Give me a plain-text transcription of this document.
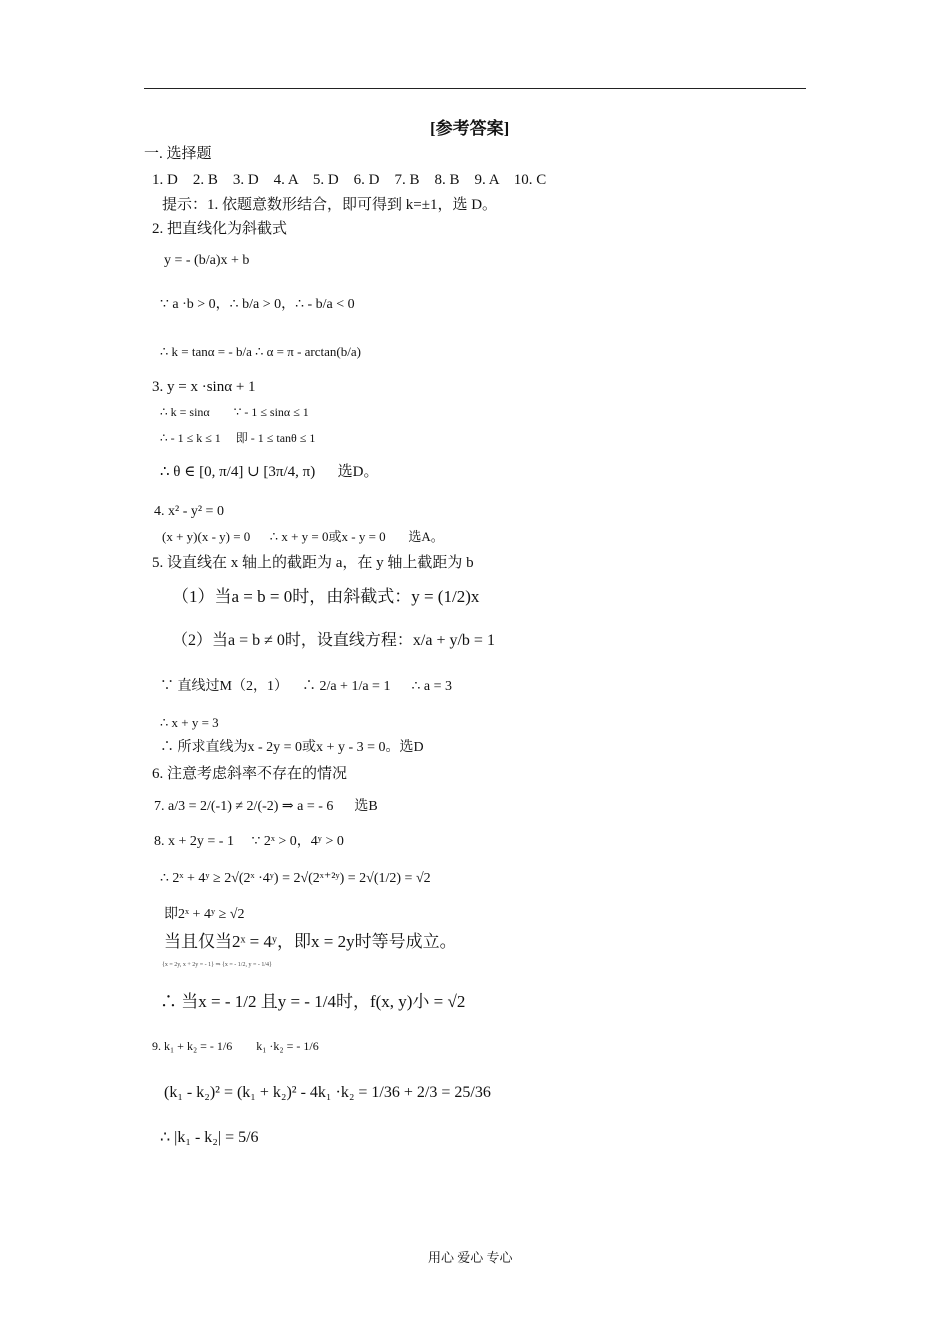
[参考答案]
一. 选择题
1. D    2. B    3. D    4. A    5. D    6. D    7. B    8. B    9. A    10. C
提示：1. 依题意数形结合，即可得到 k=±1，选 D。
2. 把直线化为斜截式
y = - (b/a)x + b
∵ a ·b > 0，∴ b/a > 0，∴ - b/a < 0
∴ k = tanα = - b/a ∴ α = π - arctan(b/a)
3. y = x ·sinα + 1
∴ k = sinα        ∵ - 1 ≤ sinα ≤ 1
∴ - 1 ≤ k ≤ 1     即 - 1 ≤ tanθ ≤ 1
∴ θ ∈ [0, π/4] ∪ [3π/4, π)      选D。
4. x² - y² = 0
(x + y)(x - y) = 0      ∴ x + y = 0或x - y = 0       选A。
5. 设直线在 x 轴上的截距为 a，在 y 轴上截距为 b
（1）当a = b = 0时，由斜截式：y = (1/2)x
（2）当a = b ≠ 0时，设直线方程：x/a + y/b = 1
∵ 直线过M（2，1）    ∴ 2/a + 1/a = 1      ∴ a = 3
∴ x + y = 3
∴ 所求直线为x - 2y = 0或x + y - 3 = 0。选D
6. 注意考虑斜率不存在的情况
7. a/3 = 2/(-1) ≠ 2/(-2) ⇒ a = - 6      选B
8. x + 2y = - 1     ∵ 2ˣ > 0，4ʸ > 0
∴ 2ˣ + 4ʸ ≥ 2√(2ˣ ·4ʸ) = 2√(2ˣ⁺²ʸ) = 2√(1/2) = √2
即2ˣ + 4ʸ ≥ √2
当且仅当2ˣ = 4ʸ，即x = 2y时等号成立。
{x = 2y, x + 2y = - 1} ⇒ {x = - 1/2, y = - 1/4}
∴ 当x = - 1/2 且y = - 1/4时，f(x, y)小 = √2
9. k₁ + k₂ = - 1/6        k₁ ·k₂ = - 1/6
(k₁ - k₂)² = (k₁ + k₂)² - 4k₁ ·k₂ = 1/36 + 2/3 = 25/36
∴ |k₁ - k₂| = 5/6
用心 爱心 专心
